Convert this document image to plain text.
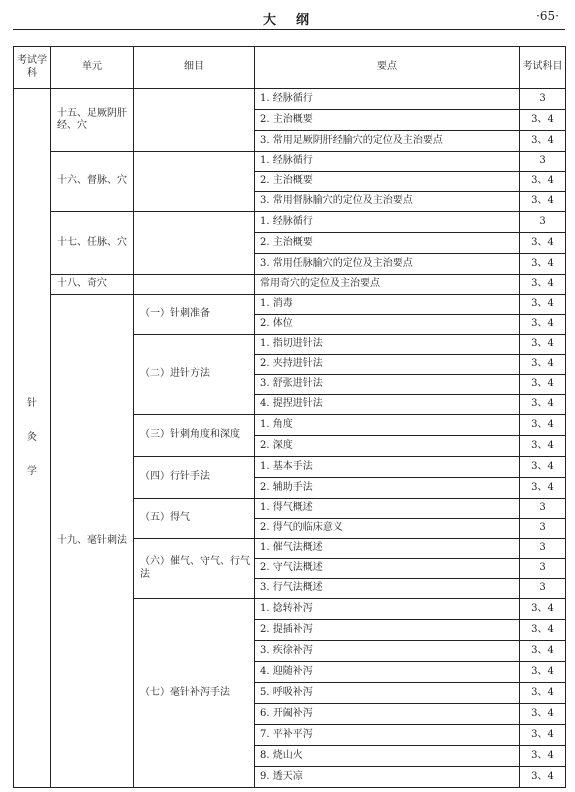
大纲	·65·
考试学科	单元	细目	要点	考试科目
针灸学	十五、足厥阴肝经、穴		1. 经脉循行	3
			2. 主治概要	3、4
			3. 常用足厥阴肝经腧穴的定位及主治要点	3、4
	十六、督脉、穴		1. 经脉循行	3
			2. 主治概要	3、4
			3. 常用督脉腧穴的定位及主治要点	3、4
	十七、任脉、穴		1. 经脉循行	3
			2. 主治概要	3、4
			3. 常用任脉腧穴的定位及主治要点	3、4
	十八、奇穴		常用奇穴的定位及主治要点	3、4
	十九、毫针刺法	（一）针刺准备	1. 消毒	3、4
			2. 体位	3、4
		（二）进针方法	1. 指切进针法	3、4
			2. 夹持进针法	3、4
			3. 舒张进针法	3、4
			4. 提捏进针法	3、4
		（三）针刺角度和深度	1. 角度	3、4
			2. 深度	3、4
		（四）行针手法	1. 基本手法	3、4
			2. 辅助手法	3、4
		（五）得气	1. 得气概述	3
			2. 得气的临床意义	3
		（六）催气、守气、行气法	1. 催气法概述	3
			2. 守气法概述	3
			3. 行气法概述	3
		（七）毫针补泻手法	1. 捻转补泻	3、4
			2. 提插补泻	3、4
			3. 疾徐补泻	3、4
			4. 迎随补泻	3、4
			5. 呼吸补泻	3、4
			6. 开阖补泻	3、4
			7. 平补平泻	3、4
			8. 烧山火	3、4
			9. 透天凉	3、4
